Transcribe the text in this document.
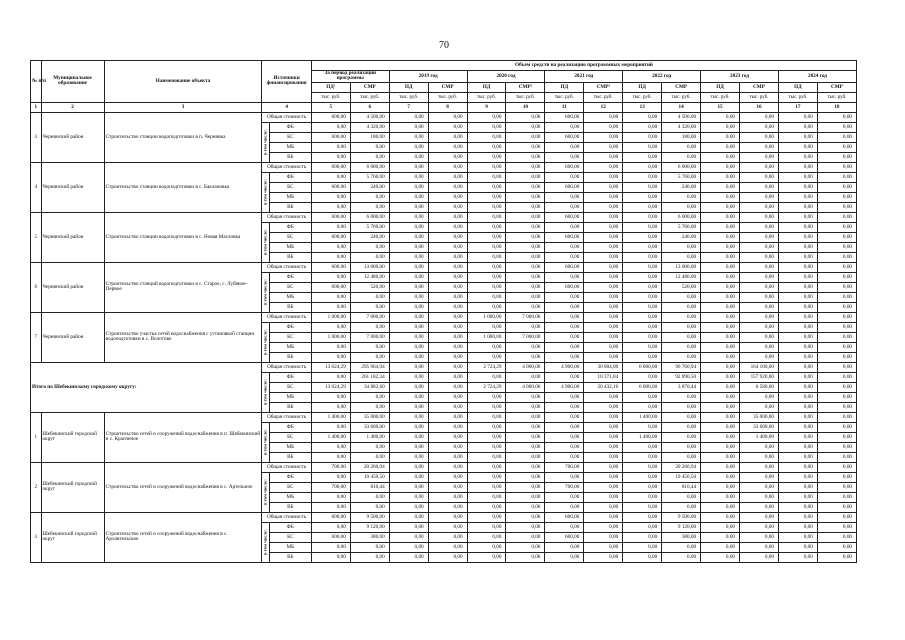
70
№ п/п	Муниципальное образование	Наименование объекта	Источники финансирования		Объем средств на реализацию программных мероприятий													
					За период реализации программы		2019 год		2020 год		2021 год		2022 год		2023 год		2024 год	
					ПД¹	СМР	ПД	СМР	ПД	СМР²	ПД	СМР³	ПД	СМР	ПД	СМР	ПД	СМР
					тыс. руб.	тыс. руб.	тыс. руб.	тыс. руб.	тыс. руб.	тыс. руб.	тыс. руб.	тыс. руб.	тыс. руб.	тыс. руб.	тыс. руб.	тыс. руб.	тыс. руб.	тыс. руб.
1	2	3	4		5	6	7	8	9	10	11	12	13	14	15	16	17	18
3	Чернянский район	Строительство станции водоподготовки в п. Чернянка	Общая стоимость		600,00	4 500,00	0,00	0,00	0,00	0,00	600,00	0,00	0,00	4 500,00	0,00	0,00	0,00	0,00
			в том числе:	ФБ	0,00	4 320,00	0,00	0,00	0,00	0,00	0,00	0,00	0,00	4 320,00	0,00	0,00	0,00	0,00
				БС	600,00	180,00	0,00	0,00	0,00	0,00	600,00	0,00	0,00	180,00	0,00	0,00	0,00	0,00
				МБ	0,00	0,00	0,00	0,00	0,00	0,00	0,00	0,00	0,00	0,00	0,00	0,00	0,00	0,00
				ВБ	0,00	0,00	0,00	0,00	0,00	0,00	0,00	0,00	0,00	0,00	0,00	0,00	0,00	0,00
4	Чернянский район	Строительство станции водоподготовки в с. Баклановка	Общая стоимость		600,00	6 000,00	0,00	0,00	0,00	0,00	600,00	0,00	0,00	6 000,00	0,00	0,00	0,00	0,00
			в том числе:	ФБ	0,00	5 760,00	0,00	0,00	0,00	0,00	0,00	0,00	0,00	5 760,00	0,00	0,00	0,00	0,00
				БС	600,00	240,00	0,00	0,00	0,00	0,00	600,00	0,00	0,00	240,00	0,00	0,00	0,00	0,00
				МБ	0,00	0,00	0,00	0,00	0,00	0,00	0,00	0,00	0,00	0,00	0,00	0,00	0,00	0,00
				ВБ	0,00	0,00	0,00	0,00	0,00	0,00	0,00	0,00	0,00	0,00	0,00	0,00	0,00	0,00
5	Чернянский район	Строительство станции водоподготовки в с. Новая Масловка	Общая стоимость		600,00	6 000,00	0,00	0,00	0,00	0,00	600,00	0,00	0,00	6 000,00	0,00	0,00	0,00	0,00
			в том числе:	ФБ	0,00	5 760,00	0,00	0,00	0,00	0,00	0,00	0,00	0,00	5 760,00	0,00	0,00	0,00	0,00
				БС	600,00	240,00	0,00	0,00	0,00	0,00	600,00	0,00	0,00	240,00	0,00	0,00	0,00	0,00
				МБ	0,00	0,00	0,00	0,00	0,00	0,00	0,00	0,00	0,00	0,00	0,00	0,00	0,00	0,00
				ВБ	0,00	0,00	0,00	0,00	0,00	0,00	0,00	0,00	0,00	0,00	0,00	0,00	0,00	0,00
6	Чернянский район	Строительство станций водоподготовки в с. Старое, с. Лубяное-Первое	Общая стоимость		600,00	13 000,00	0,00	0,00	0,00	0,00	600,00	0,00	0,00	13 000,00	0,00	0,00	0,00	0,00
			в том числе:	ФБ	0,00	12 480,00	0,00	0,00	0,00	0,00	0,00	0,00	0,00	12 480,00	0,00	0,00	0,00	0,00
				БС	600,00	520,00	0,00	0,00	0,00	0,00	600,00	0,00	0,00	520,00	0,00	0,00	0,00	0,00
				МБ	0,00	0,00	0,00	0,00	0,00	0,00	0,00	0,00	0,00	0,00	0,00	0,00	0,00	0,00
				ВБ	0,00	0,00	0,00	0,00	0,00	0,00	0,00	0,00	0,00	0,00	0,00	0,00	0,00	0,00
7	Чернянский район	Строительство участка сетей водоснабжения с установкой станции водоподготовки в с. Волотово	Общая стоимость		1 000,00	7 000,00	0,00	0,00	1 000,00	7 000,00	0,00	0,00	0,00	0,00	0,00	0,00	0,00	0,00
			в том числе:	ФБ	0,00	0,00	0,00	0,00	0,00	0,00	0,00	0,00	0,00	0,00	0,00	0,00	0,00	0,00
				БС	1 000,00	7 000,00	0,00	0,00	1 000,00	7 000,00	0,00	0,00	0,00	0,00	0,00	0,00	0,00	0,00
				МБ	0,00	0,00	0,00	0,00	0,00	0,00	0,00	0,00	0,00	0,00	0,00	0,00	0,00	0,00
				ВБ	0,00	0,00	0,00	0,00	0,00	0,00	0,00	0,00	0,00	0,00	0,00	0,00	0,00	0,00
Итого по Шебекинскому городскому округу:			Общая стоимость		13 624,29	295 664,94	0,00	0,00	2 724,29	4 000,00	4 900,00	30 804,00	6 000,00	96 760,94	0,00	164 100,00	0,00	0,00
			в том числе:	ФБ	0,00	261 182,34	0,00	0,00	0,00	0,00	0,00	10 371,84	0,00	92 890,50	0,00	157 920,00	0,00	0,00
				БС	13 624,29	34 882,60	0,00	0,00	2 724,29	4 000,00	4 900,00	20 432,16	6 000,00	3 870,44	0,00	6 580,00	0,00	0,00
				МБ	0,00	0,00	0,00	0,00	0,00	0,00	0,00	0,00	0,00	0,00	0,00	0,00	0,00	0,00
				ВБ	0,00	0,00	0,00	0,00	0,00	0,00	0,00	0,00	0,00	0,00	0,00	0,00	0,00	0,00
1	Шебекинский городской округ	Строительство сетей и сооружений водоснабжения в п. Шебекинский и с. Красненое	Общая стоимость		1 400,00	35 000,00	0,00	0,00	0,00	0,00	0,00	0,00	1 400,00	0,00	0,00	35 000,00	0,00	0,00
			в том числе:	ФБ	0,00	33 600,00	0,00	0,00	0,00	0,00	0,00	0,00	0,00	0,00	0,00	33 600,00	0,00	0,00
				БС	1 400,00	1 400,00	0,00	0,00	0,00	0,00	0,00	0,00	1 400,00	0,00	0,00	1 400,00	0,00	0,00
				МБ	0,00	0,00	0,00	0,00	0,00	0,00	0,00	0,00	0,00	0,00	0,00	0,00	0,00	0,00
				ВБ	0,00	0,00	0,00	0,00	0,00	0,00	0,00	0,00	0,00	0,00	0,00	0,00	0,00	0,00
2	Шебекинский городской округ	Строительство сетей и сооружений водоснабжения в с. Артельное	Общая стоимость		700,00	20 260,94	0,00	0,00	0,00	0,00	700,00	0,00	0,00	20 260,94	0,00	0,00	0,00	0,00
			в том числе:	ФБ	0,00	19 450,50	0,00	0,00	0,00	0,00	0,00	0,00	0,00	19 450,50	0,00	0,00	0,00	0,00
				БС	700,00	810,44	0,00	0,00	0,00	0,00	700,00	0,00	0,00	810,44	0,00	0,00	0,00	0,00
				МБ	0,00	0,00	0,00	0,00	0,00	0,00	0,00	0,00	0,00	0,00	0,00	0,00	0,00	0,00
				ВБ	0,00	0,00	0,00	0,00	0,00	0,00	0,00	0,00	0,00	0,00	0,00	0,00	0,00	0,00
3	Шебекинский городской округ	Строительство сетей и сооружений водоснабжения в с. Архангельское	Общая стоимость		600,00	9 500,00	0,00	0,00	0,00	0,00	600,00	0,00	0,00	9 500,00	0,00	0,00	0,00	0,00
			в том числе:	ФБ	0,00	9 120,00	0,00	0,00	0,00	0,00	0,00	0,00	0,00	9 120,00	0,00	0,00	0,00	0,00
				БС	600,00	380,00	0,00	0,00	0,00	0,00	600,00	0,00	0,00	380,00	0,00	0,00	0,00	0,00
				МБ	0,00	0,00	0,00	0,00	0,00	0,00	0,00	0,00	0,00	0,00	0,00	0,00	0,00	0,00
				ВБ	0,00	0,00	0,00	0,00	0,00	0,00	0,00	0,00	0,00	0,00	0,00	0,00	0,00	0,00
